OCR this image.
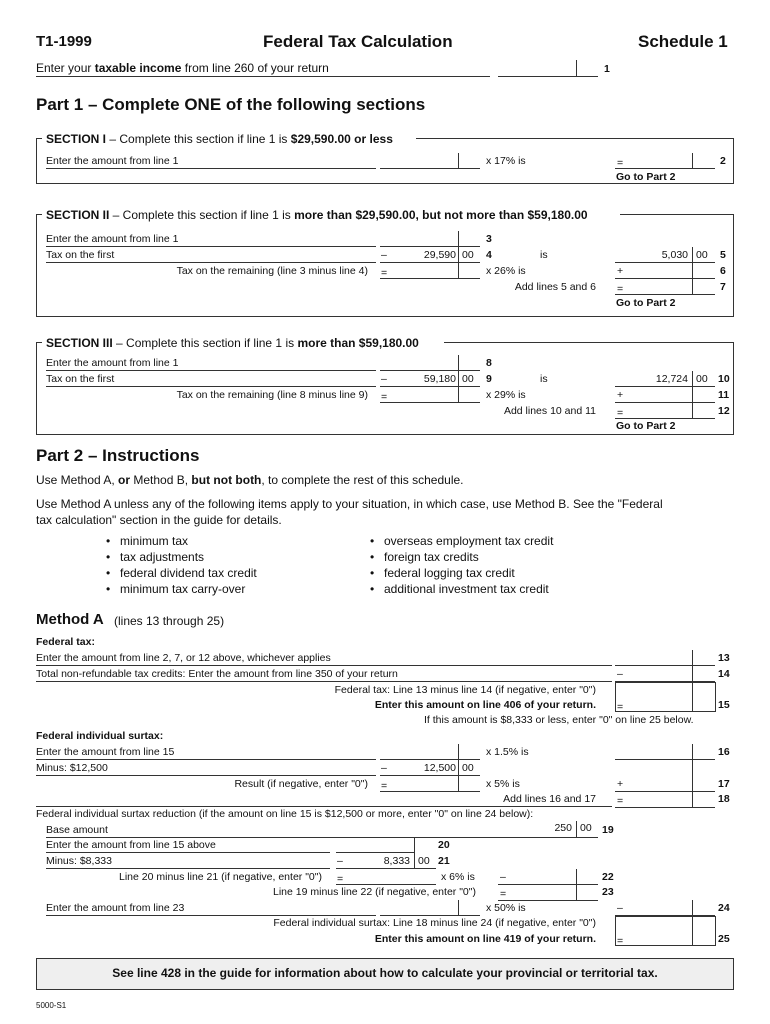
T1-1999	Federal Tax Calculation	Schedule 1
Enter your taxable income from line 260 of your return	1
Part 1 – Complete ONE of the following sections
SECTION I – Complete this section if line 1 is $29,590.00 or less
Enter the amount from line 1	x 17% is	=	2
Go to Part 2
SECTION II – Complete this section if line 1 is more than $29,590.00, but not more than $59,180.00
Enter the amount from line 1	3
Tax on the first	–	29,590 00 4	is	5,030 00 5
Tax on the remaining (line 3 minus line 4) =	x 26% is	+	6
Add lines 5 and 6 =	7
Go to Part 2
SECTION III – Complete this section if line 1 is more than $59,180.00
Enter the amount from line 1	8
Tax on the first	–	59,180 00 9	is	12,724 00 10
Tax on the remaining (line 8 minus line 9) =	x 29% is	+	11
Add lines 10 and 11 =	12
Go to Part 2
Part 2 – Instructions
Use Method A, or Method B, but not both, to complete the rest of this schedule.
Use Method A unless any of the following items apply to your situation, in which case, use Method B. See the "Federal
tax calculation" section in the guide for details.
• minimum tax
• tax adjustments
• federal dividend tax credit
• minimum tax carry-over
• overseas employment tax credit
• foreign tax credits
• federal logging tax credit
• additional investment tax credit
Method A (lines 13 through 25)
Federal tax:
Enter the amount from line 2, 7, or 12 above, whichever applies	13
Total non-refundable tax credits: Enter the amount from line 350 of your return	–	14
Federal tax: Line 13 minus line 14 (if negative, enter "0")
Enter this amount on line 406 of your return. =	15
If this amount is $8,333 or less, enter "0" on line 25 below.
Federal individual surtax:
Enter the amount from line 15	x 1.5% is	16
Minus: $12,500	–	12,500 00
Result (if negative, enter "0") =	x 5% is	+	17
Add lines 16 and 17 =	18
Federal individual surtax reduction (if the amount on line 15 is $12,500 or more, enter "0" on line 24 below):
Base amount	250 00 19
Enter the amount from line 15 above	20
Minus: $8,333	–	8,333 00 21
Line 20 minus line 21 (if negative, enter "0") =	x 6% is –	22
Line 19 minus line 22 (if negative, enter "0") =	23
Enter the amount from line 23	x 50% is	–	24
Federal individual surtax: Line 18 minus line 24 (if negative, enter "0")
Enter this amount on line 419 of your return. =	25
See line 428 in the guide for information about how to calculate your provincial or territorial tax.
5000-S1
